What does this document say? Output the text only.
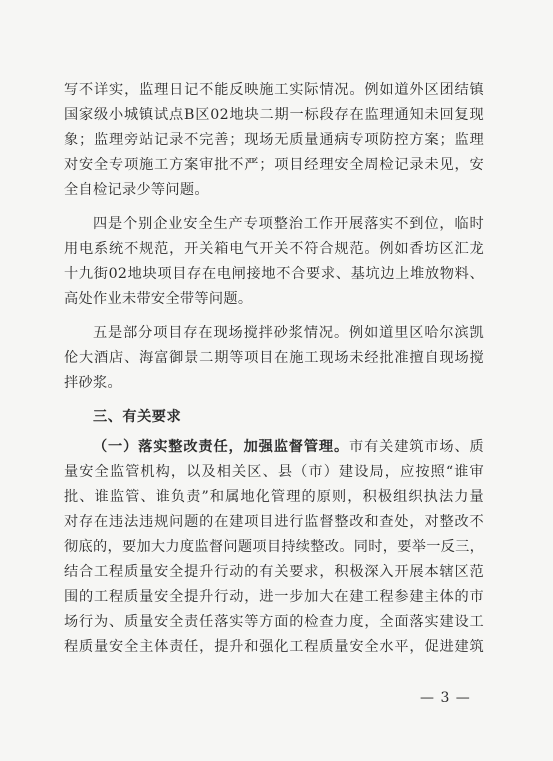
写不详实，监理日记不能反映施工实际情况。例如道外区团结镇
国家级小城镇试点B区02地块二期一标段存在监理通知未回复现
象；监理旁站记录不完善；现场无质量通病专项防控方案；监理
对安全专项施工方案审批不严；项目经理安全周检记录未见，安
全自检记录少等问题。
四是个别企业安全生产专项整治工作开展落实不到位，临时
用电系统不规范，开关箱电气开关不符合规范。例如香坊区汇龙
十九街02地块项目存在电闸接地不合要求、基坑边上堆放物料、
高处作业未带安全带等问题。
五是部分项目存在现场搅拌砂浆情况。例如道里区哈尔滨凯
伦大酒店、海富御景二期等项目在施工现场未经批准擅自现场搅
拌砂浆。
三、有关要求
（一）落实整改责任，加强监督管理。市有关建筑市场、质
量安全监管机构，以及相关区、县（市）建设局，应按照“谁审
批、谁监管、谁负责”和属地化管理的原则，积极组织执法力量
对存在违法违规问题的在建项目进行监督整改和查处，对整改不
彻底的，要加大力度监督问题项目持续整改。同时，要举一反三，
结合工程质量安全提升行动的有关要求，积极深入开展本辖区范
围的工程质量安全提升行动，进一步加大在建工程参建主体的市
场行为、质量安全责任落实等方面的检查力度，全面落实建设工
程质量安全主体责任，提升和强化工程质量安全水平，促进建筑
— 3 —
